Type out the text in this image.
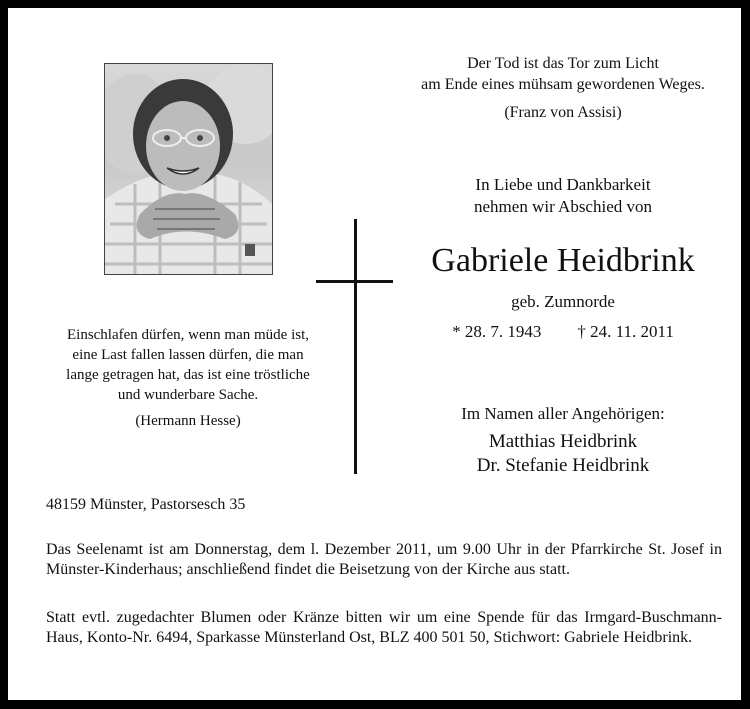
Der Tod ist das Tor zum Licht
am Ende eines mühsam gewordenen Weges.
(Franz von Assisi)
In Liebe und Dankbarkeit
nehmen wir Abschied von
Gabriele Heidbrink
geb. Zumnorde
* 28. 7. 1943 † 24. 11. 2011
Einschlafen dürfen, wenn man müde ist,
eine Last fallen lassen dürfen, die man
lange getragen hat, das ist eine tröstliche
und wunderbare Sache.
(Hermann Hesse)	Im Namen aller Angehörigen:
Matthias Heidbrink
Dr. Stefanie Heidbrink
48159 Münster, Pastorsesch 35
Das Seelenamt ist am Donnerstag, dem l. Dezember 2011, um 9.00 Uhr in der Pfarrkirche St. Josef in Münster-Kinderhaus; anschließend findet die Beisetzung von der Kirche aus statt.
Statt evtl. zugedachter Blumen oder Kränze bitten wir um eine Spende für das Irmgard-Buschmann-Haus, Konto-Nr. 6494, Sparkasse Münsterland Ost, BLZ 400 501 50, Stichwort: Gabriele Heidbrink.
